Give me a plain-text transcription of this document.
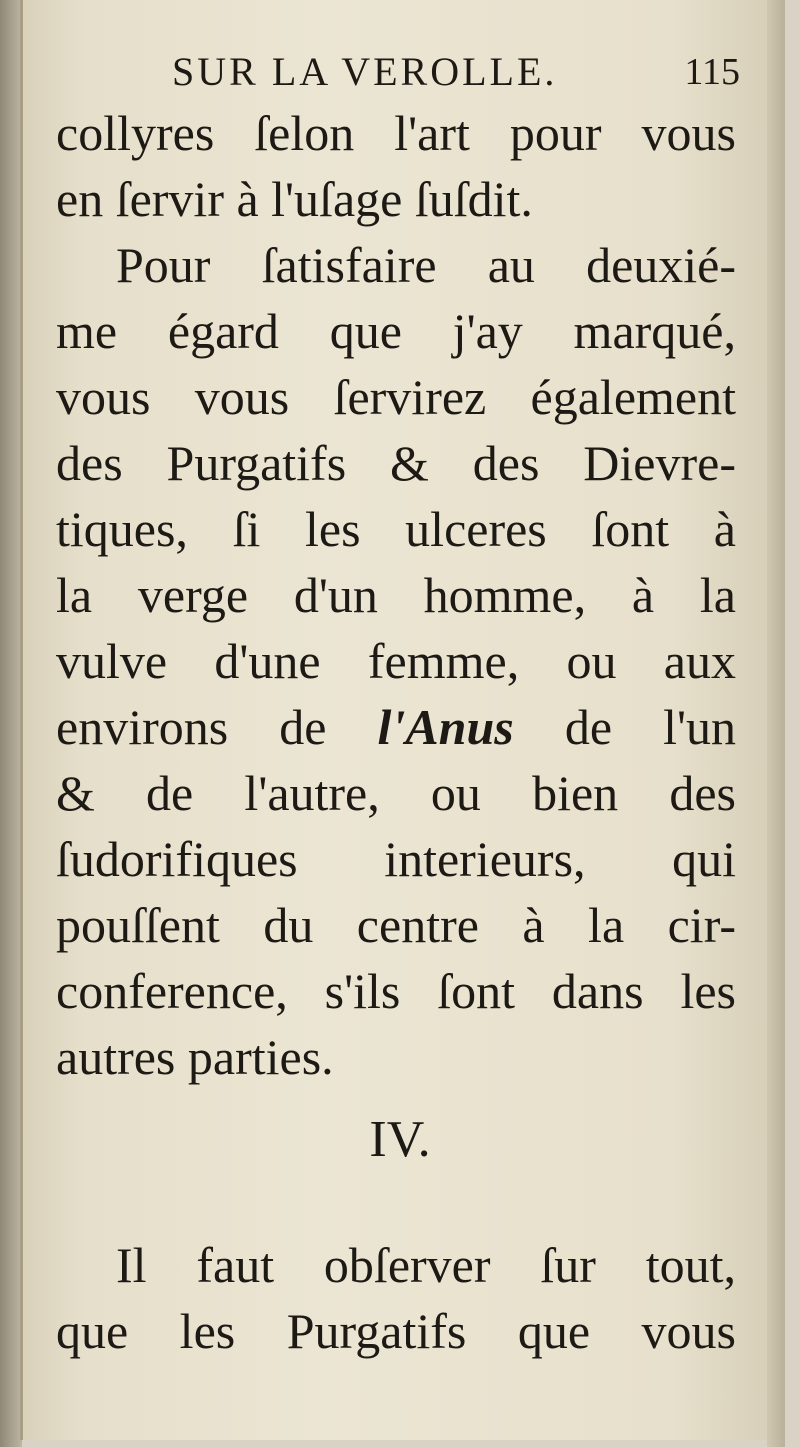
SUR LA VEROLLE.	115
collyres ſelon l'art pour vous
en ſervir à l'uſage ſuſdit.
Pour ſatisfaire au deuxié-
me égard que j'ay marqué,
vous vous ſervirez également
des Purgatifs & des Dievre-
tiques, ſi les ulceres ſont à
la verge d'un homme, à la
vulve d'une femme, ou aux
environs de l'Anus de l'un
& de l'autre, ou bien des
ſudorifiques interieurs, qui
pouſſent du centre à la cir-
conference, s'ils ſont dans les
autres parties.
IV.
Il faut obſerver ſur tout,
que les Purgatifs que vous
